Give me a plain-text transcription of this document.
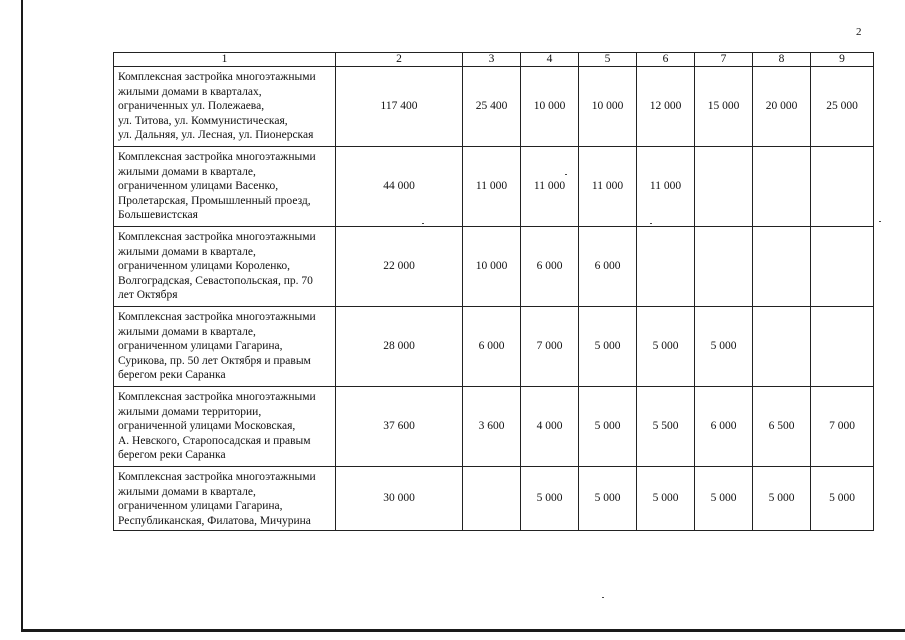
2
1	2	3	4	5	6	7	8	9

Комплексная застройка многоэтажными
жилыми домами в кварталах,
ограниченных ул. Полежаева,
ул. Титова, ул. Коммунистическая,
ул. Дальняя, ул. Лесная, ул. Пионерская	117 400	25 400	10 000	10 000	12 000	15 000	20 000	25 000

Комплексная застройка многоэтажными
жилыми домами в квартале,
ограниченном улицами Васенко,
Пролетарская, Промышленный проезд,
Большевистская	44 000	11 000	11 000	11 000	11 000			

Комплексная застройка многоэтажными
жилыми домами в квартале,
ограниченном улицами Короленко,
Волгоградская, Севастопольская, пр. 70
лет Октября	22 000	10 000	6 000	6 000				

Комплексная застройка многоэтажными
жилыми домами в квартале,
ограниченном улицами Гагарина,
Сурикова, пр. 50 лет Октября и правым
берегом реки Саранка	28 000	6 000	7 000	5 000	5 000	5 000		

Комплексная застройка многоэтажными
жилыми домами территории,
ограниченной улицами Московская,
А. Невского, Старопосадская и правым
берегом реки Саранка	37 600	3 600	4 000	5 000	5 500	6 000	6 500	7 000

Комплексная застройка многоэтажными
жилыми домами в квартале,
ограниченном улицами Гагарина,
Республиканская, Филатова, Мичурина	30 000		5 000	5 000	5 000	5 000	5 000	5 000
